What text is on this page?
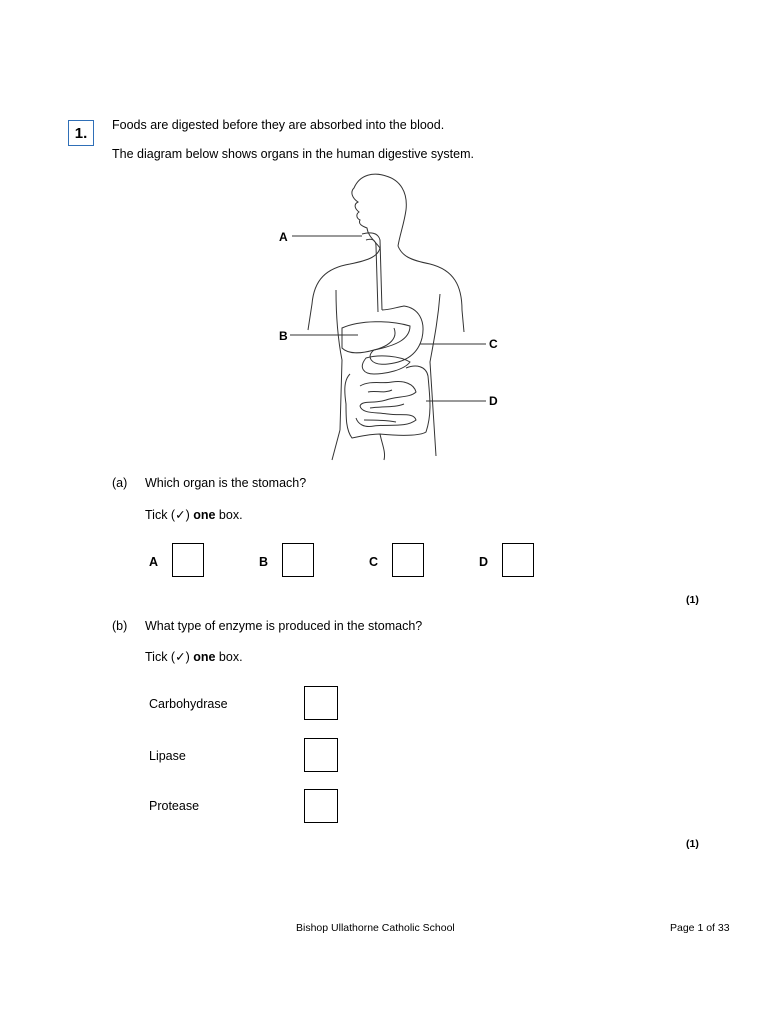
1.	Foods are digested before they are absorbed into the blood.
The diagram below shows organs in the human digestive system.
A
B
C
D
(a) Which organ is the stomach?
Tick (✓) one box.
A	B	C	D
(1)
(b) What type of enzyme is produced in the stomach?
Tick (✓) one box.
Carbohydrase
Lipase
Protease
(1)
Bishop Ullathorne Catholic School	Page 1 of 33
